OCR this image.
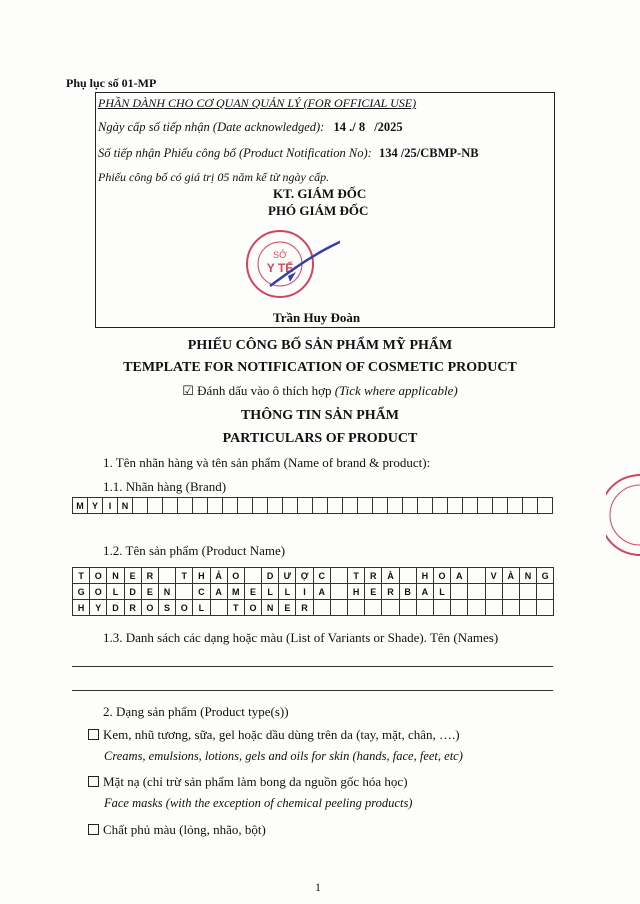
Phụ lục số 01-MP
PHẦN DÀNH CHO CƠ QUAN QUẢN LÝ (FOR OFFICIAL USE)
Ngày cấp số tiếp nhận (Date acknowledged): 14 ./ 8 /2025
Số tiếp nhận Phiếu công bố (Product Notification No): 134 /25/CBMP-NB
Phiếu công bố có giá trị 05 năm kể từ ngày cấp.
KT. GIÁM ĐỐC
PHÓ GIÁM ĐỐC
SỞ
Y TẾ
Trần Huy Đoàn
PHIẾU CÔNG BỐ SẢN PHẨM MỸ PHẨM
TEMPLATE FOR NOTIFICATION OF COSMETIC PRODUCT
☑ Đánh dấu vào ô thích hợp (Tick where applicable)
THÔNG TIN SẢN PHẨM
PARTICULARS OF PRODUCT
1. Tên nhãn hàng và tên sản phẩm (Name of brand & product):
1.1. Nhãn hàng (Brand)
M Y	I	N
1.2. Tên sản phẩm (Product Name)
T	O	N	E	R	T	H	Ả	O	D	Ư	Ợ	C	T	R	À	H	O	A	V	À	N	G
G	O	L	D	E	N	C	A	M	E	L	L	I	A	H	E	R	B	A	L
H	Y	D	R	O	S	O	L	T	O	N	E	R
1.3. Danh sách các dạng hoặc màu (List of Variants or Shade). Tên (Names)
2. Dạng sản phẩm (Product type(s))
Kem, nhũ tương, sữa, gel hoặc dầu dùng trên da (tay, mặt, chân, ….)
Creams, emulsions, lotions, gels and oils for skin (hands, face, feet, etc)
Mặt nạ (chỉ trừ sản phẩm làm bong da nguồn gốc hóa học)
Face masks (with the exception of chemical peeling products)
Chất phủ màu (lỏng, nhão, bột)
1
